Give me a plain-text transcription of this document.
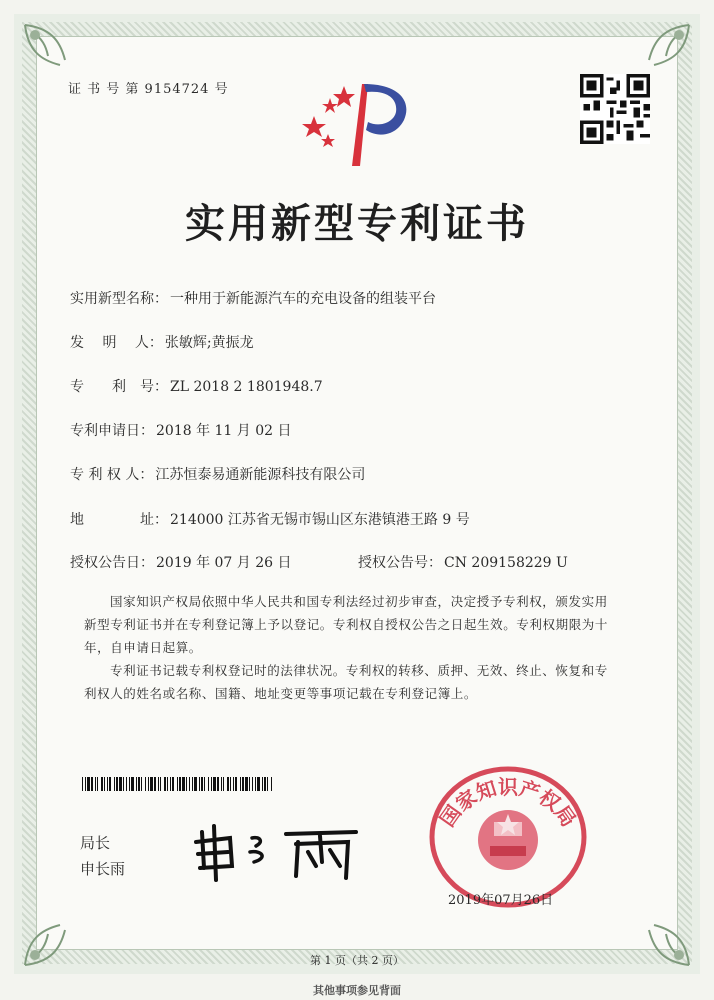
证 书 号 第 9154724 号
实用新型专利证书
实用新型名称： 一种用于新能源汽车的充电设备的组装平台
发　 明　 人： 张敏辉;黄振龙
专　　利　号： ZL 2018 2 1801948.7
专利申请日： 2018 年 11 月 02 日
专 利 权 人： 江苏恒泰易通新能源科技有限公司
地　　　　址： 214000 江苏省无锡市锡山区东港镇港王路 9 号
授权公告日： 2019 年 07 月 26 日	授权公告号： CN 209158229 U
国家知识产权局依照中华人民共和国专利法经过初步审查，决定授予专利权，颁发实用
新型专利证书并在专利登记簿上予以登记。专利权自授权公告之日起生效。专利权期限为十
年，自申请日起算。
专利证书记载专利权登记时的法律状况。专利权的转移、质押、无效、终止、恢复和专
利权人的姓名或名称、国籍、地址变更等事项记载在专利登记簿上。
局长
申长雨
国家知识产权局
2019年07月26日
第 1 页（共 2 页）
其他事项参见背面
